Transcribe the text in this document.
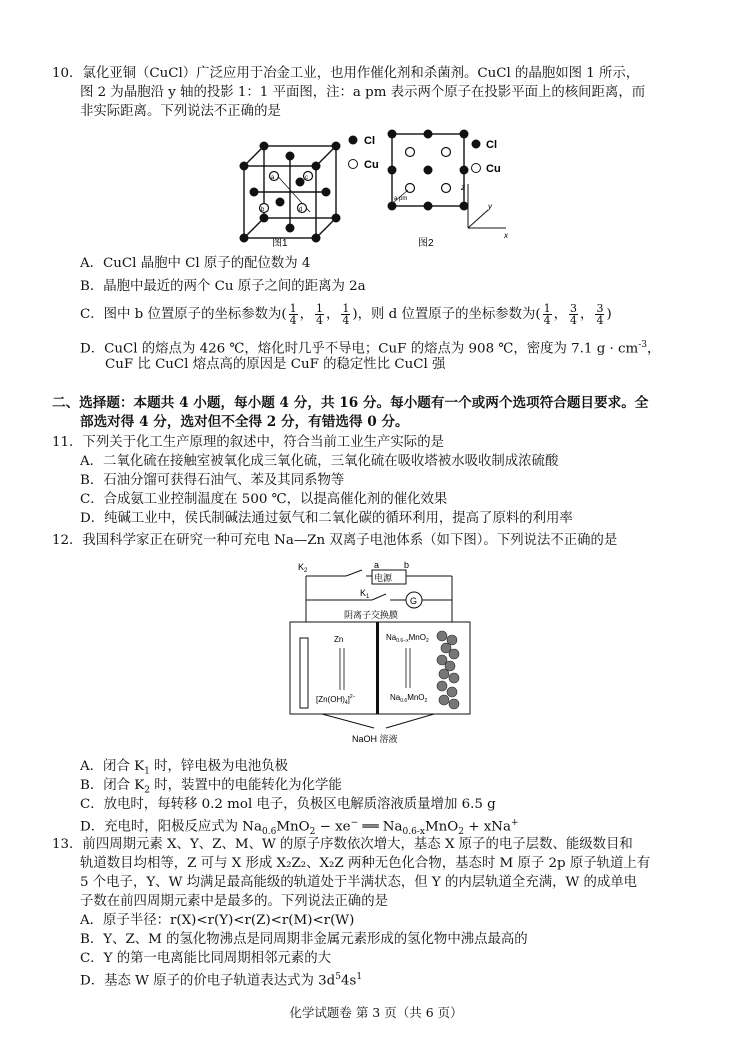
10．氯化亚铜（CuCl）广泛应用于冶金工业，也用作催化剂和杀菌剂。CuCl 的晶胞如图 1 所示，
图 2 为晶胞沿 y 轴的投影 1：1 平面图，注：a pm 表示两个原子在投影平面上的核间距离，而
非实际距离。下列说法不正确的是
a
b
c
d
Cl
Cu
图1
a pm
Cl
Cu
z
y
x
图2
A．CuCl 晶胞中 Cl 原子的配位数为 4
B．晶胞中最近的两个 Cu 原子之间的距离为 2a
C．图中 b 位置原子的坐标参数为( $\frac{1}{4}$ ， $\frac{1}{4}$ ， $\frac{1}{4}$ )，则 d 位置原子的坐标参数为( $\frac{1}{4}$ ， $\frac{3}{4}$ ， $\frac{3}{4}$ )
D．CuCl 的熔点为 426 ℃，熔化时几乎不导电；CuF 的熔点为 908 ℃，密度为 7.1 $g \cdot cm^{-3}$，
CuF 比 CuCl 熔点高的原因是 CuF 的稳定性比 CuCl 强
二、选择题：本题共 4 小题，每小题 4 分，共 16 分。每小题有一个或两个选项符合题目要求。全
部选对得 4 分，选对但不全得 2 分，有错选得 0 分。
11．下列关于化工生产原理的叙述中，符合当前工业生产实际的是
A．二氧化硫在接触室被氧化成三氧化硫，三氧化硫在吸收塔被水吸收制成浓硫酸
B．石油分馏可获得石油气、苯及其同系物等
C．合成氨工业控制温度在 500 ℃，以提高催化剂的催化效果
D．纯碱工业中，侯氏制碱法通过氨气和二氧化碳的循环利用，提高了原料的利用率
12．我国科学家正在研究一种可充电 Na—Zn 双离子电池体系（如下图）。下列说法不正确的是
$K_2$
a	b
电源
$K_1$	G
阴离子交换膜
Zn
$[Zn(OH)_4]^{2-}$
$Na_{0.6-x}MnO_2$
$Na_{0.6}MnO_2$
NaOH 溶液
A．闭合 $K_1$ 时，锌电极为电池负极
B．闭合 $K_2$ 时，装置中的电能转化为化学能
C．放电时，每转移 0.2 mol 电子，负极区电解质溶液质量增加 6.5 g
D．充电时，阳极反应式为 $Na_{0.6}MnO_2 - xe^-$ ══ $Na_{0.6-x}MnO_2 + xNa^+$
13．前四周期元素 X、Y、Z、M、W 的原子序数依次增大，基态 X 原子的电子层数、能级数目和
轨道数目均相等，Z 可与 X 形成 X₂Z₂、X₂Z 两种无色化合物，基态时 M 原子 2p 原子轨道上有
5 个电子，Y、W 均满足最高能级的轨道处于半满状态，但 Y 的内层轨道全充满，W 的成单电
子数在前四周期元素中是最多的。下列说法正确的是
A．原子半径：r(X)<r(Y)<r(Z)<r(M)<r(W)
B．Y、Z、M 的氢化物沸点是同周期非金属元素形成的氢化物中沸点最高的
C．Y 的第一电离能比同周期相邻元素的大
D．基态 W 原子的价电子轨道表达式为 $3d^54s^1$
化学试题卷 第 3 页（共 6 页）
